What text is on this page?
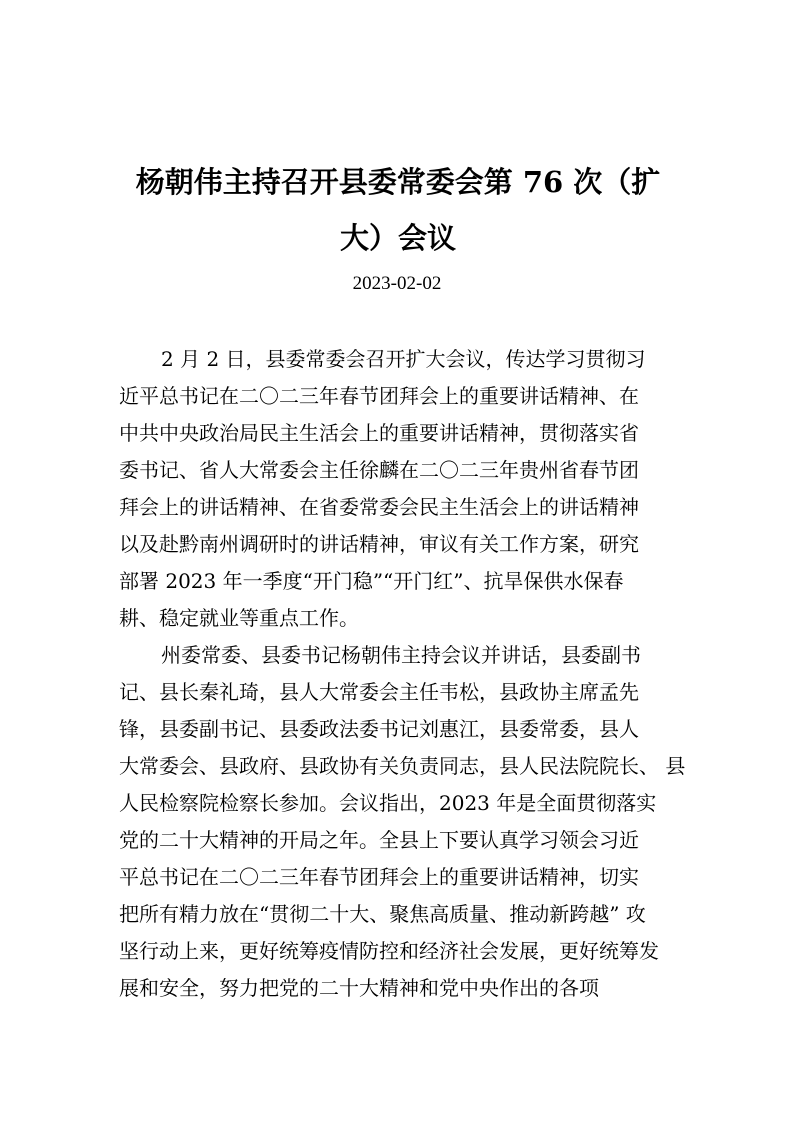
杨朝伟主持召开县委常委会第 76 次（扩
大）会议
2023-02-02
2 月 2 日，县委常委会召开扩大会议，传达学习贯彻习
近平总书记在二〇二三年春节团拜会上的重要讲话精神、在
中共中央政治局民主生活会上的重要讲话精神，贯彻落实省
委书记、省人大常委会主任徐麟在二〇二三年贵州省春节团
拜会上的讲话精神、在省委常委会民主生活会上的讲话精神
以及赴黔南州调研时的讲话精神，审议有关工作方案，研究
部署 2023 年一季度“开门稳”“开门红”、抗旱保供水保春
耕、稳定就业等重点工作。
州委常委、县委书记杨朝伟主持会议并讲话，县委副书
记、县长秦礼琦，县人大常委会主任韦松，县政协主席孟先
锋，县委副书记、县委政法委书记刘惠江，县委常委，县人
大常委会、县政府、县政协有关负责同志，县人民法院院长、 县
人民检察院检察长参加。会议指出，2023 年是全面贯彻落实
党的二十大精神的开局之年。全县上下要认真学习领会习近
平总书记在二〇二三年春节团拜会上的重要讲话精神，切实
把所有精力放在“贯彻二十大、聚焦高质量、推动新跨越” 攻
坚行动上来，更好统筹疫情防控和经济社会发展，更好统筹发
展和安全，努力把党的二十大精神和党中央作出的各项
